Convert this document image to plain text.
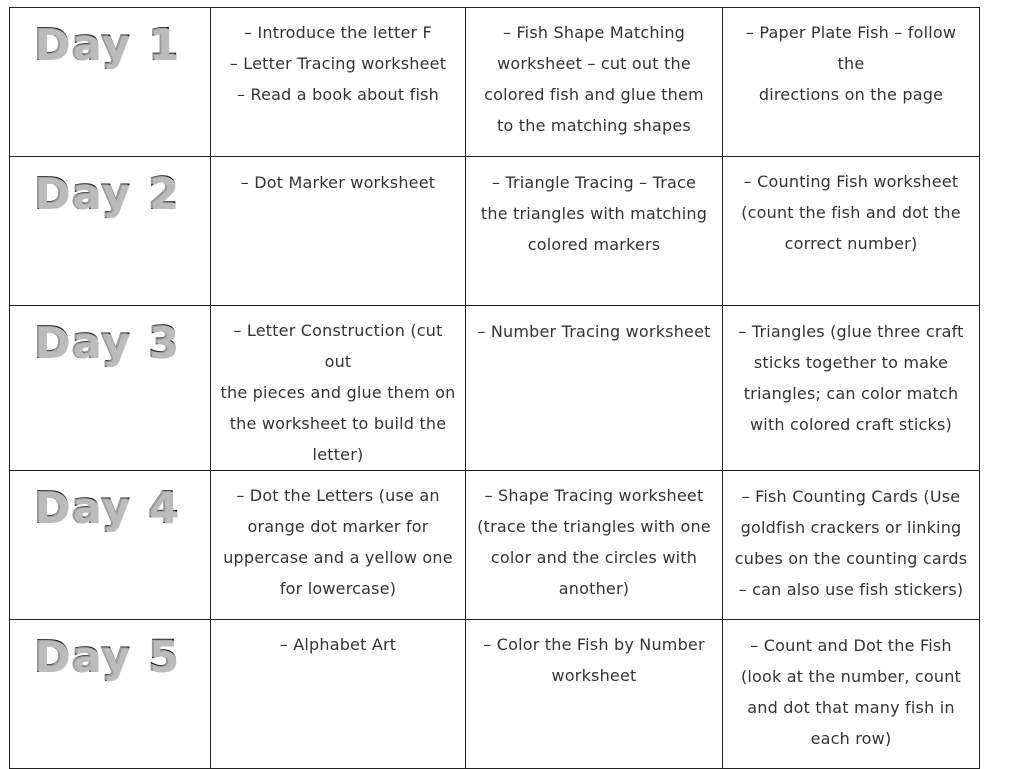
Day 1	– Introduce the letter F
– Letter Tracing worksheet
– Read a book about fish	– Fish Shape Matching
worksheet – cut out the
colored fish and glue them
to the matching shapes	– Paper Plate Fish – follow the
directions on the page

Day 2	– Dot Marker worksheet	– Triangle Tracing – Trace
the triangles with matching
colored markers	– Counting Fish worksheet
(count the fish and dot the
correct number)

Day 3	– Letter Construction (cut out
the pieces and glue them on
the worksheet to build the
letter)	– Number Tracing worksheet	– Triangles (glue three craft
sticks together to make
triangles; can color match
with colored craft sticks)

Day 4	– Dot the Letters (use an
orange dot marker for
uppercase and a yellow one
for lowercase)	– Shape Tracing worksheet
(trace the triangles with one
color and the circles with
another)	– Fish Counting Cards (Use
goldfish crackers or linking
cubes on the counting cards
– can also use fish stickers)

Day 5	– Alphabet Art	– Color the Fish by Number
worksheet	– Count and Dot the Fish
(look at the number, count
and dot that many fish in
each row)
